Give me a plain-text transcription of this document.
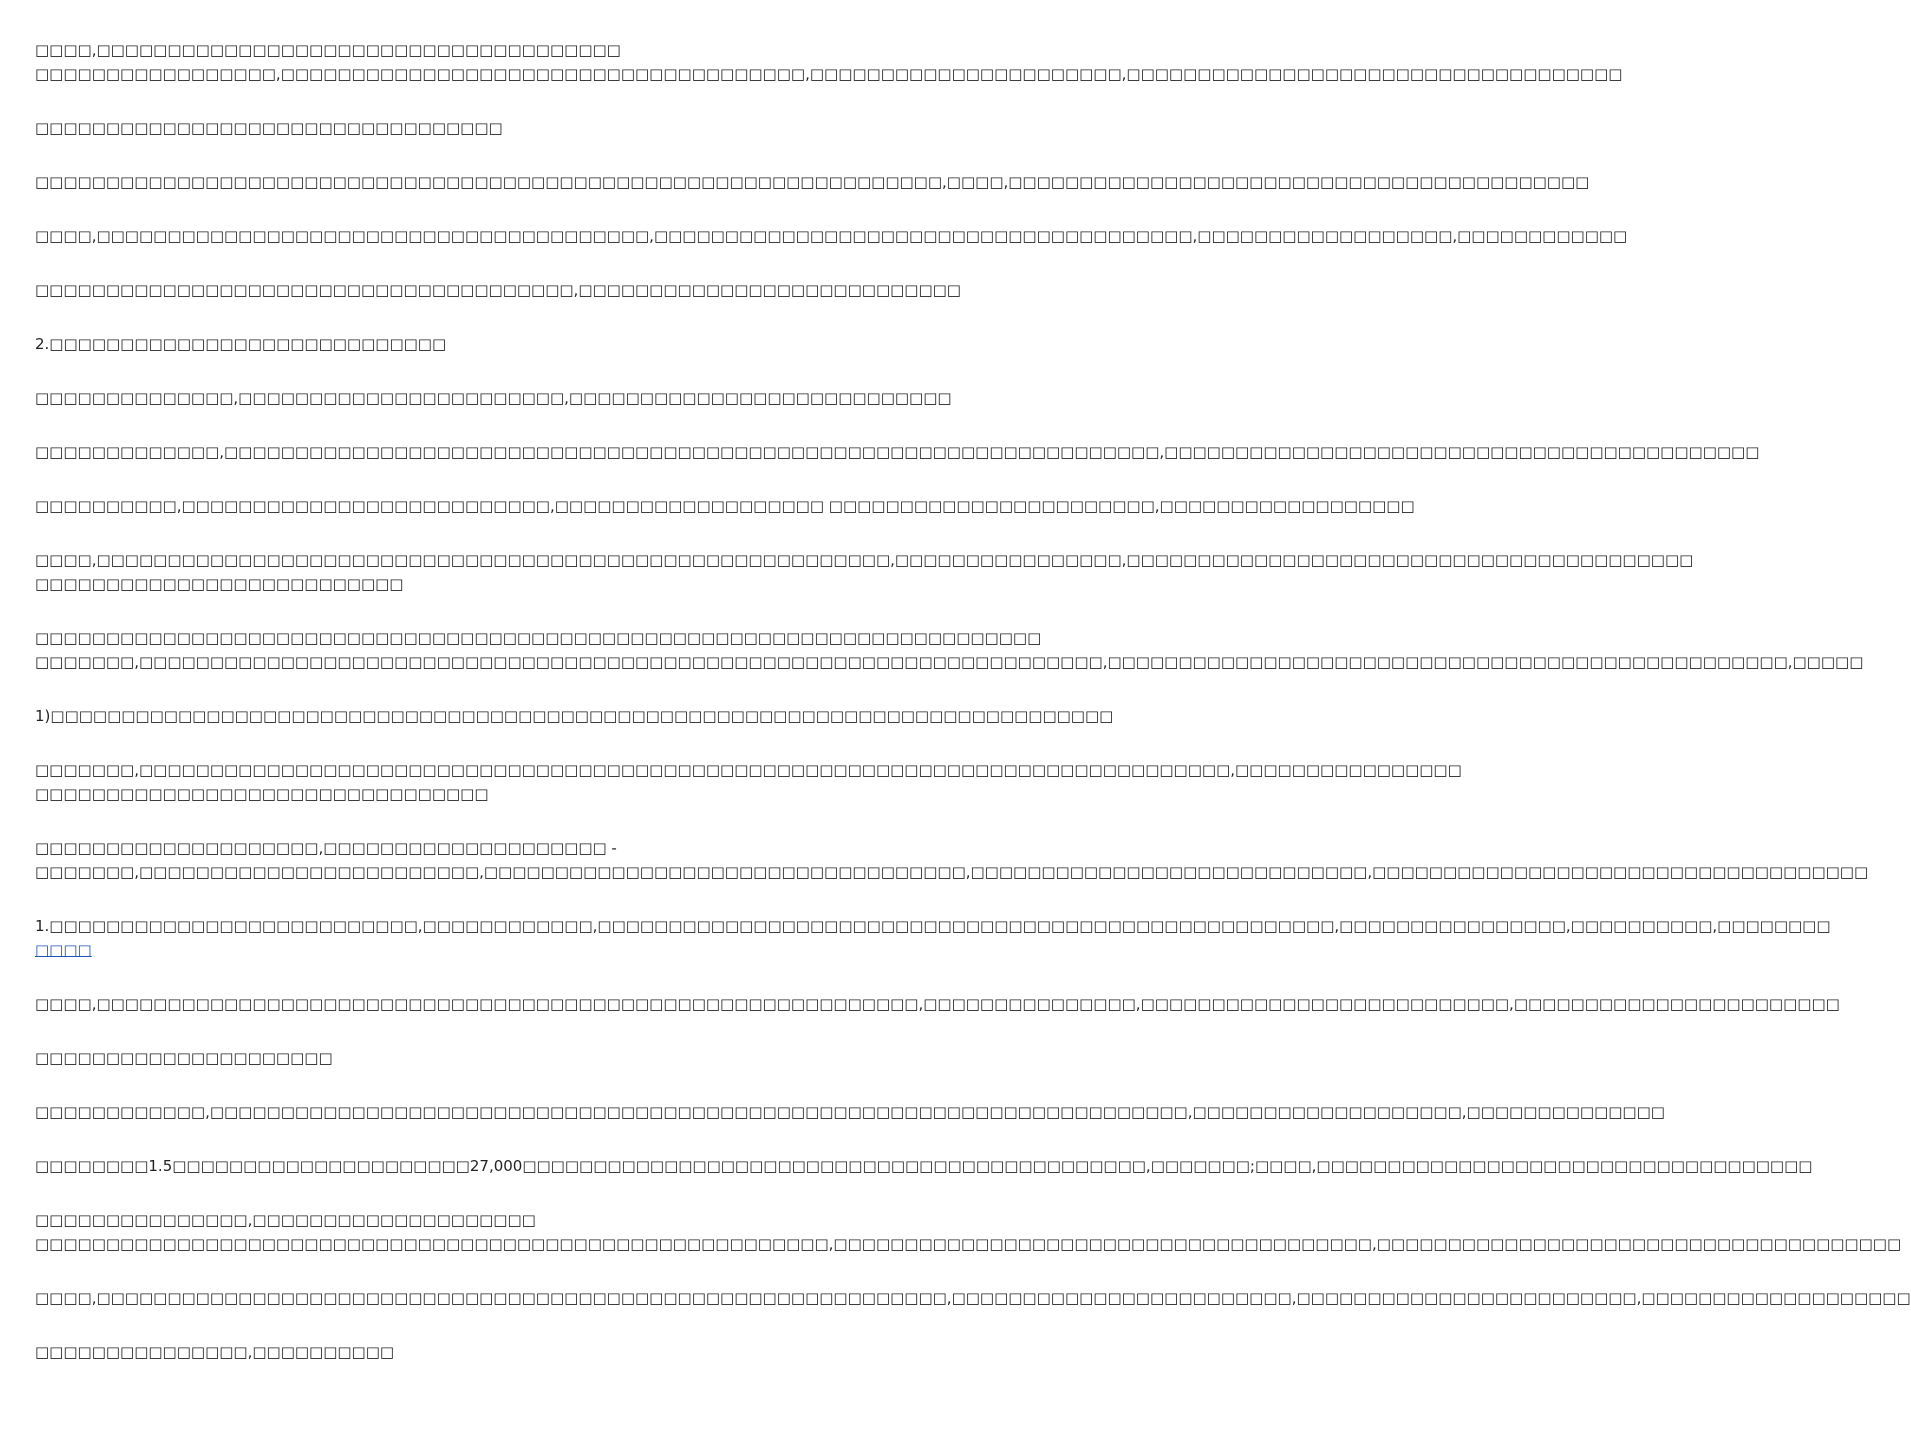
□□□□,□□□□□□□□□□□□□□□□□□□□□□□□□□□□□□□□□□□□□
□□□□□□□□□□□□□□□□□,□□□□□□□□□□□□□□□□□□□□□□□□□□□□□□□□□□□□□,□□□□□□□□□□□□□□□□□□□□□□,□□□□□□□□□□□□□□□□□□□□□□□□□□□□□□□□□□□

□□□□□□□□□□□□□□□□□□□□□□□□□□□□□□□□□

□□□□□□□□□□□□□□□□□□□□□□□□□□□□□□□□□□□□□□□□□□□□□□□□□□□□□□□□□□□□□□□□,□□□□,□□□□□□□□□□□□□□□□□□□□□□□□□□□□□□□□□□□□□□□□□

□□□□,□□□□□□□□□□□□□□□□□□□□□□□□□□□□□□□□□□□□□□□,□□□□□□□□□□□□□□□□□□□□□□□□□□□□□□□□□□□□□□,□□□□□□□□□□□□□□□□□□,□□□□□□□□□□□□

□□□□□□□□□□□□□□□□□□□□□□□□□□□□□□□□□□□□□□,□□□□□□□□□□□□□□□□□□□□□□□□□□□

2.□□□□□□□□□□□□□□□□□□□□□□□□□□□□

□□□□□□□□□□□□□□,□□□□□□□□□□□□□□□□□□□□□□□,□□□□□□□□□□□□□□□□□□□□□□□□□□□

□□□□□□□□□□□□□,□□□□□□□□□□□□□□□□□□□□□□□□□□□□□□□□□□□□□□□□□□□□□□□□□□□□□□□□□□□□□□□□□□,□□□□□□□□□□□□□□□□□□□□□□□□□□□□□□□□□□□□□□□□□□

□□□□□□□□□□,□□□□□□□□□□□□□□□□□□□□□□□□□□,□□□□□□□□□□□□□□□□□□□ □□□□□□□□□□□□□□□□□□□□□□□,□□□□□□□□□□□□□□□□□□

□□□□,□□□□□□□□□□□□□□□□□□□□□□□□□□□□□□□□□□□□□□□□□□□□□□□□□□□□□□□□,□□□□□□□□□□□□□□□□,□□□□□□□□□□□□□□□□□□□□□□□□□□□□□□□□□□□□□□□□
□□□□□□□□□□□□□□□□□□□□□□□□□□

□□□□□□□□□□□□□□□□□□□□□□□□□□□□□□□□□□□□□□□□□□□□□□□□□□□□□□□□□□□□□□□□□□□□□□□
□□□□□□□,□□□□□□□□□□□□□□□□□□□□□□□□□□□□□□□□□□□□□□□□□□□□□□□□□□□□□□□□□□□□□□□□□□□□,□□□□□□□□□□□□□□□□□□□□□□□□□□□□□□□□□□□□□□□□□□□□□□□□,□□□□□

1)□□□□□□□□□□□□□□□□□□□□□□□□□□□□□□□□□□□□□□□□□□□□□□□□□□□□□□□□□□□□□□□□□□□□□□□□□□□

□□□□□□□,□□□□□□□□□□□□□□□□□□□□□□□□□□□□□□□□□□□□□□□□□□□□□□□□□□□□□□□□□□□□□□□□□□□□□□□□□□□□□,□□□□□□□□□□□□□□□□
□□□□□□□□□□□□□□□□□□□□□□□□□□□□□□□□

□□□□□□□□□□□□□□□□□□□□,□□□□□□□□□□□□□□□□□□□□ -
□□□□□□□,□□□□□□□□□□□□□□□□□□□□□□□□,□□□□□□□□□□□□□□□□□□□□□□□□□□□□□□□□□□,□□□□□□□□□□□□□□□□□□□□□□□□□□□□,□□□□□□□□□□□□□□□□□□□□□□□□□□□□□□□□□□□

1.□□□□□□□□□□□□□□□□□□□□□□□□□□,□□□□□□□□□□□□,□□□□□□□□□□□□□□□□□□□□□□□□□□□□□□□□□□□□□□□□□□□□□□□□□□□□,□□□□□□□□□□□□□□□□,□□□□□□□□□□,□□□□□□□□
□□□□

□□□□,□□□□□□□□□□□□□□□□□□□□□□□□□□□□□□□□□□□□□□□□□□□□□□□□□□□□□□□□□□,□□□□□□□□□□□□□□□,□□□□□□□□□□□□□□□□□□□□□□□□□□,□□□□□□□□□□□□□□□□□□□□□□□

□□□□□□□□□□□□□□□□□□□□□

□□□□□□□□□□□□,□□□□□□□□□□□□□□□□□□□□□□□□□□□□□□□□□□□□□□□□□□□□□□□□□□□□□□□□□□□□□□□□□□□□□,□□□□□□□□□□□□□□□□□□□,□□□□□□□□□□□□□□

□□□□□□□□1.5□□□□□□□□□□□□□□□□□□□□□27,000□□□□□□□□□□□□□□□□□□□□□□□□□□□□□□□□□□□□□□□□□□□□,□□□□□□□;□□□□,□□□□□□□□□□□□□□□□□□□□□□□□□□□□□□□□□□□

□□□□□□□□□□□□□□□,□□□□□□□□□□□□□□□□□□□□
□□□□□□□□□□□□□□□□□□□□□□□□□□□□□□□□□□□□□□□□□□□□□□□□□□□□□□□□,□□□□□□□□□□□□□□□□□□□□□□□□□□□□□□□□□□□□□□,□□□□□□□□□□□□□□□□□□□□□□□□□□□□□□□□□□□□□

□□□□,□□□□□□□□□□□□□□□□□□□□□□□□□□□□□□□□□□□□□□□□□□□□□□□□□□□□□□□□□□□□,□□□□□□□□□□□□□□□□□□□□□□□□,□□□□□□□□□□□□□□□□□□□□□□□□,□□□□□□□□□□□□□□□□□□□

□□□□□□□□□□□□□□□,□□□□□□□□□□
